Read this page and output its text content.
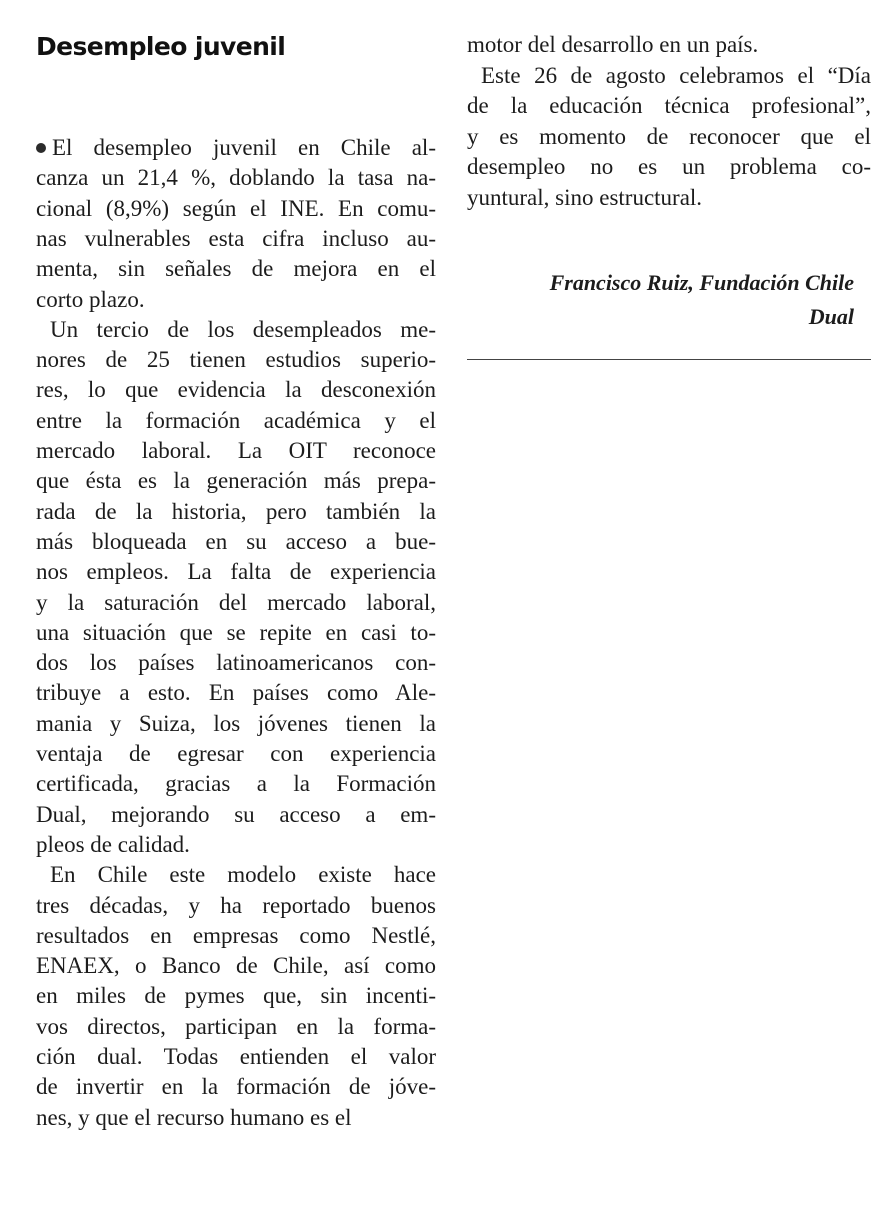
Desempleo juvenil
El desempleo juvenil en Chile al-
canza un 21,4 %, doblando la tasa na-
cional (8,9%) según el INE. En comu-
nas vulnerables esta cifra incluso au-
menta, sin señales de mejora en el
corto plazo.
Un tercio de los desempleados me-
nores de 25 tienen estudios superio-
res, lo que evidencia la desconexión
entre la formación académica y el
mercado laboral. La OIT reconoce
que ésta es la generación más prepa-
rada de la historia, pero también la
más bloqueada en su acceso a bue-
nos empleos. La falta de experiencia
y la saturación del mercado laboral,
una situación que se repite en casi to-
dos los países latinoamericanos con-
tribuye a esto. En países como Ale-
mania y Suiza, los jóvenes tienen la
ventaja de egresar con experiencia
certificada, gracias a la Formación
Dual, mejorando su acceso a em-
pleos de calidad.
En Chile este modelo existe hace
tres décadas, y ha reportado buenos
resultados en empresas como Nestlé,
ENAEX, o Banco de Chile, así como
en miles de pymes que, sin incenti-
vos directos, participan en la forma-
ción dual. Todas entienden el valor
de invertir en la formación de jóve-
nes, y que el recurso humano es el
Francisco Ruiz, Fundación Chile
Dual
motor del desarrollo en un país.
Este 26 de agosto celebramos el “Día
de la educación técnica profesional”,
y es momento de reconocer que el
desempleo no es un problema co-
yuntural, sino estructural.
